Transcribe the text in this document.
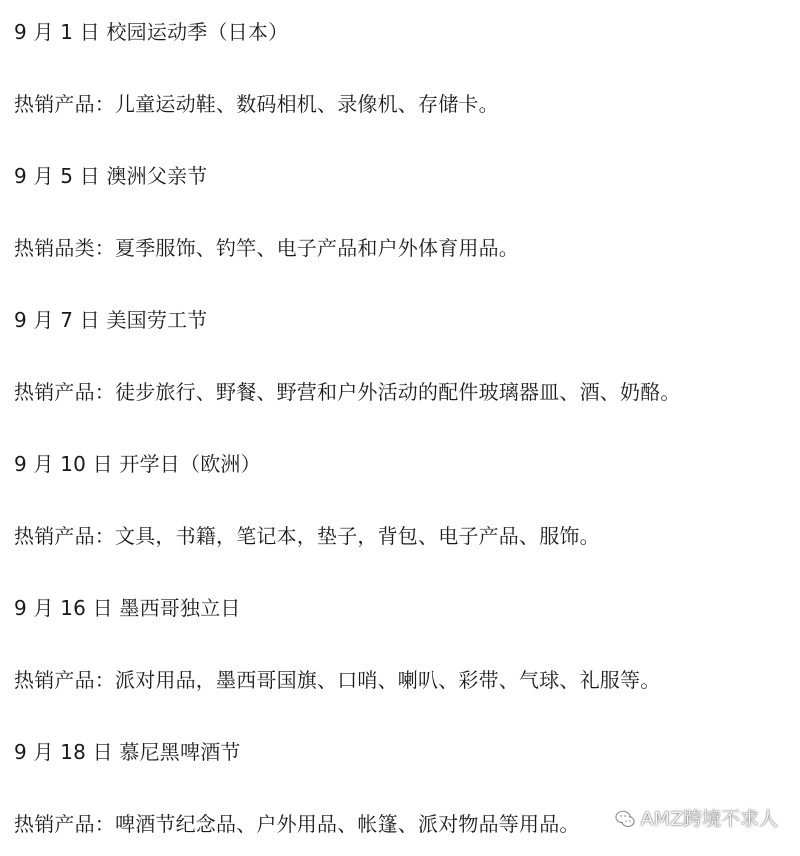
9 月 1 日 校园运动季（日本）
热销产品：儿童运动鞋、数码相机、录像机、存储卡。
9 月 5 日 澳洲父亲节
热销品类：夏季服饰、钓竿、电子产品和户外体育用品。
9 月 7 日 美国劳工节
热销产品：徒步旅行、野餐、野营和户外活动的配件玻璃器皿、酒、奶酪。
9 月 10 日 开学日（欧洲）
热销产品：文具，书籍，笔记本，垫子，背包、电子产品、服饰。
9 月 16 日 墨西哥独立日
热销产品：派对用品，墨西哥国旗、口哨、喇叭、彩带、气球、礼服等。
9 月 18 日 慕尼黑啤酒节
热销产品：啤酒节纪念品、户外用品、帐篷、派对物品等用品。	AMZ跨境不求人
